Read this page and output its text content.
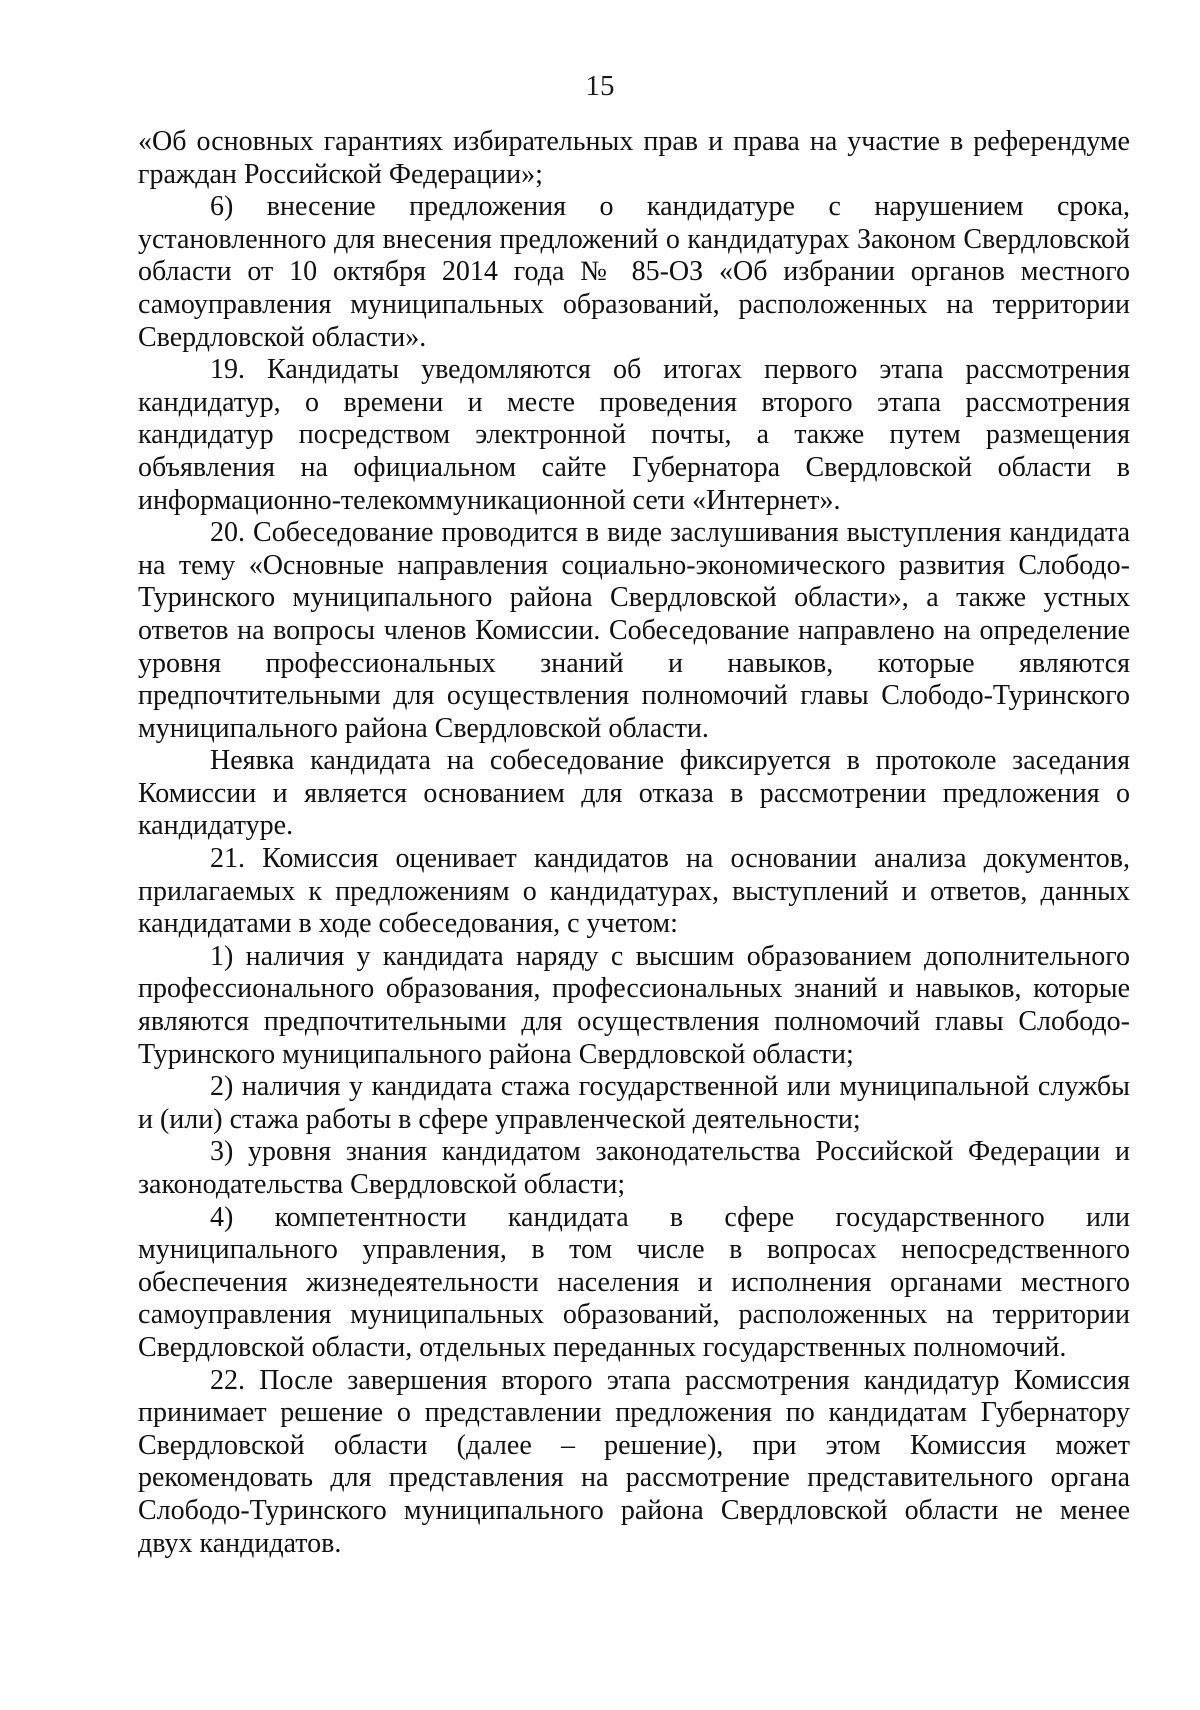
15

«Об основных гарантиях избирательных прав и права на участие в референдуме граждан Российской Федерации»;

6) внесение предложения о кандидатуре с нарушением срока, установленного для внесения предложений о кандидатурах Законом Свердловской области от 10 октября 2014 года № 85-ОЗ «Об избрании органов местного самоуправления муниципальных образований, расположенных на территории Свердловской области».

19. Кандидаты уведомляются об итогах первого этапа рассмотрения кандидатур, о времени и месте проведения второго этапа рассмотрения кандидатур посредством электронной почты, а также путем размещения объявления на официальном сайте Губернатора Свердловской области в информационно-телекоммуникационной сети «Интернет».

20. Собеседование проводится в виде заслушивания выступления кандидата на тему «Основные направления социально-экономического развития Слободо-Туринского муниципального района Свердловской области», а также устных ответов на вопросы членов Комиссии. Собеседование направлено на определение уровня профессиональных знаний и навыков, которые являются предпочтительными для осуществления полномочий главы Слободо-Туринского муниципального района Свердловской области.

Неявка кандидата на собеседование фиксируется в протоколе заседания Комиссии и является основанием для отказа в рассмотрении предложения о кандидатуре.

21. Комиссия оценивает кандидатов на основании анализа документов, прилагаемых к предложениям о кандидатурах, выступлений и ответов, данных кандидатами в ходе собеседования, с учетом:

1) наличия у кандидата наряду с высшим образованием дополнительного профессионального образования, профессиональных знаний и навыков, которые являются предпочтительными для осуществления полномочий главы Слободо-Туринского муниципального района Свердловской области;

2) наличия у кандидата стажа государственной или муниципальной службы и (или) стажа работы в сфере управленческой деятельности;

3) уровня знания кандидатом законодательства Российской Федерации и законодательства Свердловской области;

4) компетентности кандидата в сфере государственного или муниципального управления, в том числе в вопросах непосредственного обеспечения жизнедеятельности населения и исполнения органами местного самоуправления муниципальных образований, расположенных на территории Свердловской области, отдельных переданных государственных полномочий.

22. После завершения второго этапа рассмотрения кандидатур Комиссия принимает решение о представлении предложения по кандидатам Губернатору Свердловской области (далее – решение), при этом Комиссия может рекомендовать для представления на рассмотрение представительного органа Слободо-Туринского муниципального района Свердловской области не менее двух кандидатов.
